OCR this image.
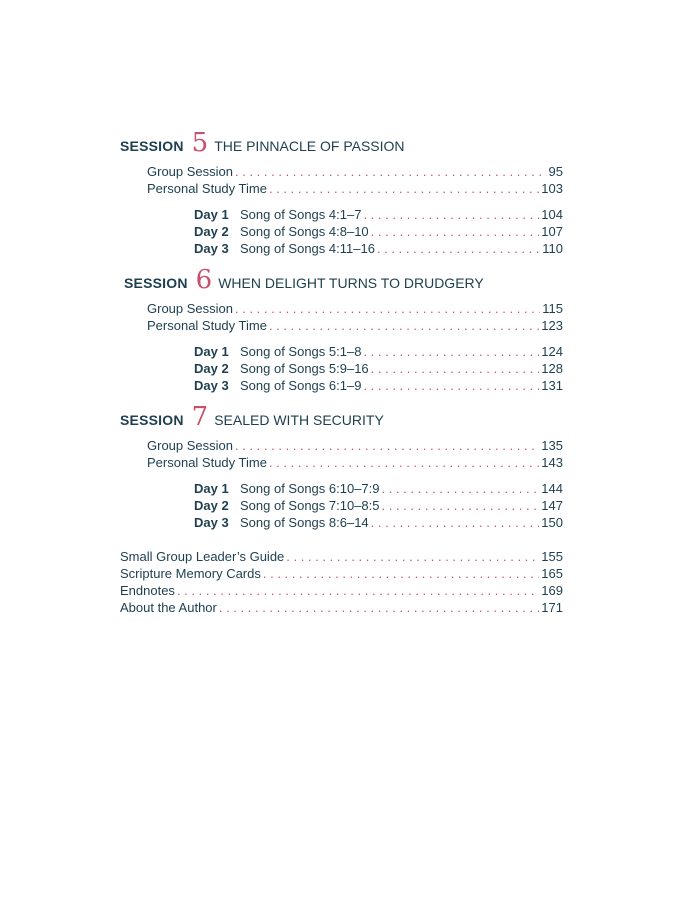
SESSION 5 THE PINNACLE OF PASSION
Group Session . . .	95
Personal Study Time . . .	103
Day 1 Song of Songs 4:1–7 . . .	104
Day 2 Song of Songs 4:8–10 . . .	107
Day 3 Song of Songs 4:11–16 . . .	110
SESSION 6 WHEN DELIGHT TURNS TO DRUDGERY
Group Session . . .	115
Personal Study Time . . .	123
Day 1 Song of Songs 5:1–8 . . .	124
Day 2 Song of Songs 5:9–16 . . .	128
Day 3 Song of Songs 6:1–9 . . .	131
SESSION 7 SEALED WITH SECURITY
Group Session . . .	135
Personal Study Time . . .	143
Day 1 Song of Songs 6:10–7:9 . . .	144
Day 2 Song of Songs 7:10–8:5 . . .	147
Day 3 Song of Songs 8:6–14 . . .	150
Small Group Leader’s Guide . . .	155
Scripture Memory Cards . . .	165
Endnotes . . .	169
About the Author . . .	171
